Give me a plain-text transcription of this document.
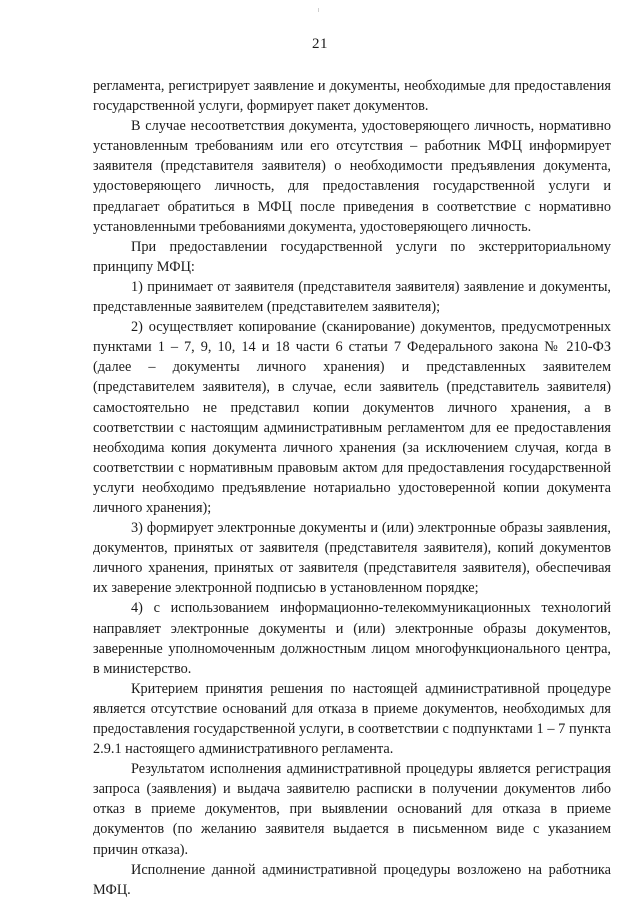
21

регламента, регистрирует заявление и документы, необходимые для предоставления государственной услуги, формирует пакет документов.

В случае несоответствия документа, удостоверяющего личность, нормативно установленным требованиям или его отсутствия – работник МФЦ информирует заявителя (представителя заявителя) о необходимости предъявления документа, удостоверяющего личность, для предоставления государственной услуги и предлагает обратиться в МФЦ после приведения в соответствие с нормативно установленными требованиями документа, удостоверяющего личность.

При предоставлении государственной услуги по экстерриториальному принципу МФЦ:

1) принимает от заявителя (представителя заявителя) заявление и документы, представленные заявителем (представителем заявителя);

2) осуществляет копирование (сканирование) документов, предусмотренных пунктами 1 – 7, 9, 10, 14 и 18 части 6 статьи 7 Федерального закона № 210-ФЗ (далее – документы личного хранения) и представленных заявителем (представителем заявителя), в случае, если заявитель (представитель заявителя) самостоятельно не представил копии документов личного хранения, а в соответствии с настоящим административным регламентом для ее предоставления необходима копия документа личного хранения (за исключением случая, когда в соответствии с нормативным правовым актом для предоставления государственной услуги необходимо предъявление нотариально удостоверенной копии документа личного хранения);

3) формирует электронные документы и (или) электронные образы заявления, документов, принятых от заявителя (представителя заявителя), копий документов личного хранения, принятых от заявителя (представителя заявителя), обеспечивая их заверение электронной подписью в установленном порядке;

4) с использованием информационно-телекоммуникационных технологий направляет электронные документы и (или) электронные образы документов, заверенные уполномоченным должностным лицом многофункционального центра, в министерство.

Критерием принятия решения по настоящей административной процедуре является отсутствие оснований для отказа в приеме документов, необходимых для предоставления государственной услуги, в соответствии с подпунктами 1 – 7 пункта 2.9.1 настоящего административного регламента.

Результатом исполнения административной процедуры является регистрация запроса (заявления) и выдача заявителю расписки в получении документов либо отказ в приеме документов, при выявлении оснований для отказа в приеме документов (по желанию заявителя выдается в письменном виде с указанием причин отказа).

Исполнение данной административной процедуры возложено на работника МФЦ.
